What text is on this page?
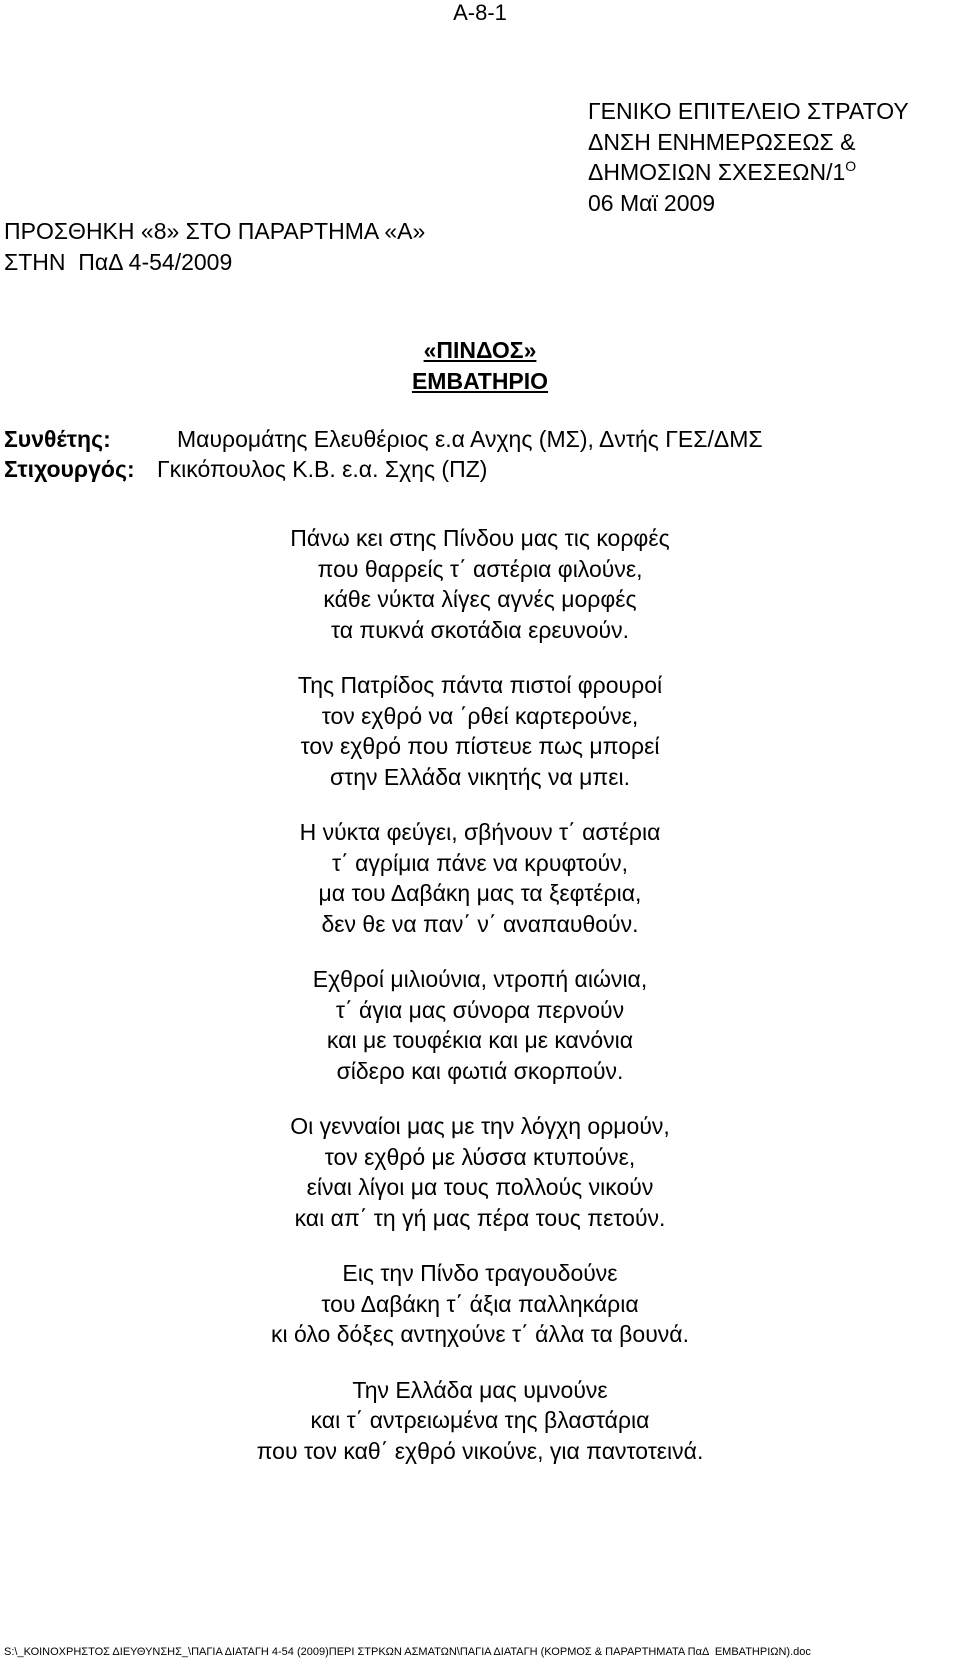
Α-8-1
ΓΕΝΙΚΟ ΕΠΙΤΕΛΕΙΟ ΣΤΡΑΤΟΥ
ΔΝΣΗ ΕΝΗΜΕΡΩΣΕΩΣ &
ΔΗΜΟΣΙΩΝ ΣΧΕΣΕΩΝ/$1^O$
06 Μαϊ 2009
ΠΡΟΣΘΗΚΗ «8» ΣΤΟ ΠΑΡΑΡΤΗΜΑ «Α»
ΣΤΗΝ  ΠαΔ 4-54/2009
«ΠΙΝΔΟΣ»
ΕΜΒΑΤΗΡΙΟ
Συνθέτης:	Μαυρομάτης Ελευθέριος ε.α Ανχης (ΜΣ), Δντής ΓΕΣ/ΔΜΣ
Στιχουργός: Γκικόπουλος Κ.Β. ε.α. Σχης (ΠΖ)
Πάνω κει στης Πίνδου μας τις κορφές
που θαρρείς τ΄ αστέρια φιλούνε,
κάθε νύκτα λίγες αγνές μορφές
τα πυκνά σκοτάδια ερευνούν.
Της Πατρίδος πάντα πιστοί φρουροί
τον εχθρό να ΄ρθεί καρτερούνε,
τον εχθρό που πίστευε πως μπορεί
στην Ελλάδα νικητής να μπει.
Η νύκτα φεύγει, σβήνουν τ΄ αστέρια
τ΄ αγρίμια πάνε να κρυφτούν,
μα του Δαβάκη μας τα ξεφτέρια,
δεν θε να παν΄ ν΄ αναπαυθούν.
Εχθροί μιλιούνια, ντροπή αιώνια,
τ΄ άγια μας σύνορα περνούν
και με τουφέκια και με κανόνια
σίδερο και φωτιά σκορπούν.
Οι γενναίοι μας με την λόγχη ορμούν,
τον εχθρό με λύσσα κτυπούνε,
είναι λίγοι μα τους πολλούς νικούν
και απ΄ τη γή μας πέρα τους πετούν.
Εις την Πίνδο τραγουδούνε
του Δαβάκη τ΄ άξια παλληκάρια
κι όλο δόξες αντηχούνε τ΄ άλλα τα βουνά.
Την Ελλάδα μας υμνούνε
και τ΄ αντρειωμένα της βλαστάρια
που τον καθ΄ εχθρό νικούνε, για παντοτεινά.
S:\_ΚΟΙΝΟΧΡΗΣΤΟΣ ΔΙΕΥΘΥΝΣΗΣ_\ΠΑΓΙΑ ΔΙΑΤΑΓΗ 4-54 (2009)ΠΕΡΙ ΣΤΡΚΩΝ ΑΣΜΑΤΩΝ\ΠΑΓΙΑ ΔΙΑΤΑΓΗ (ΚΟΡΜΟΣ & ΠΑΡΑΡΤΗΜΑΤΑ ΠαΔ  ΕΜΒΑΤΗΡΙΩΝ).doc
